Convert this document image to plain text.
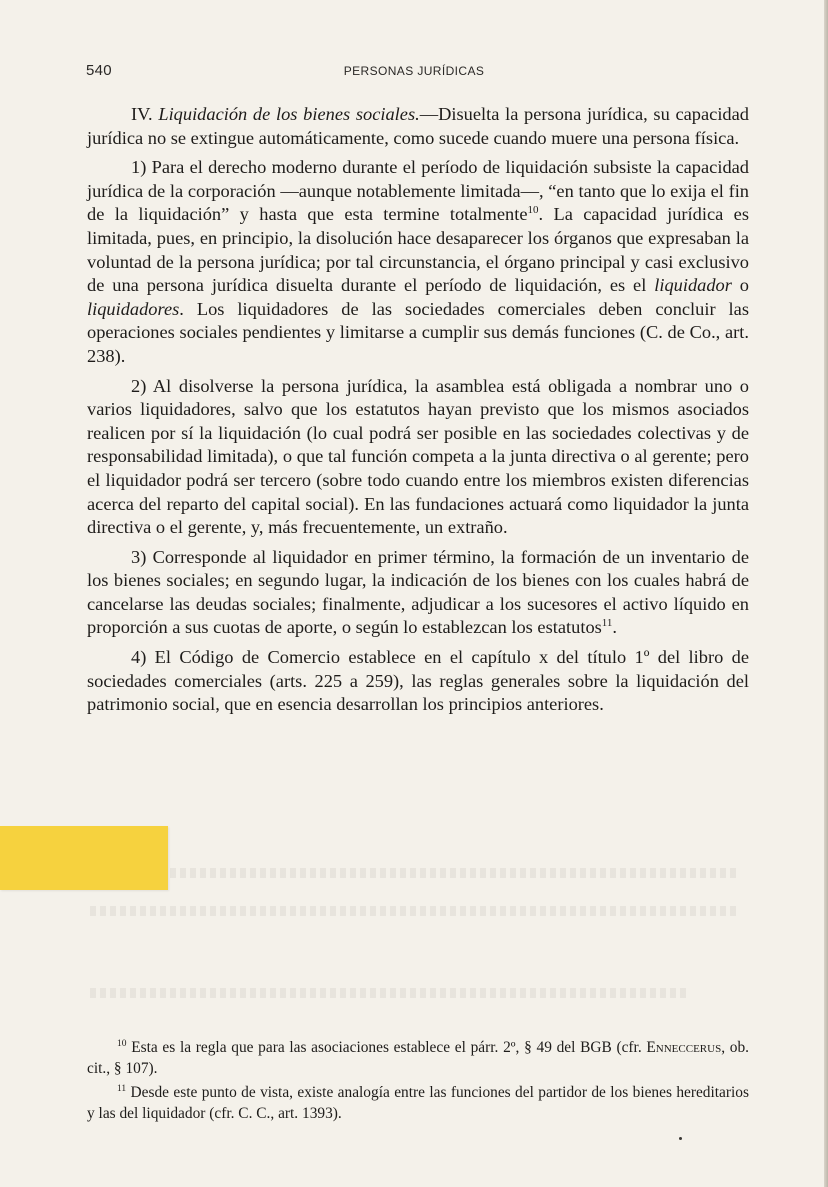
540	PERSONAS JURÍDICAS

IV. Liquidación de los bienes sociales.—Disuelta la persona jurídica, su capacidad jurídica no se extingue automáticamente, como sucede cuando muere una persona física.

1) Para el derecho moderno durante el período de liquidación subsiste la capacidad jurídica de la corporación —aunque notablemente limitada—, “en tanto que lo exija el fin de la liquidación” y hasta que esta termine totalmente$^{10}$. La capacidad jurídica es limitada, pues, en principio, la disolución hace desaparecer los órganos que expresaban la voluntad de la persona jurídica; por tal circunstancia, el órgano principal y casi exclusivo de una persona jurídica disuelta durante el período de liquidación, es el liquidador o liquidadores. Los liquidadores de las sociedades comerciales deben concluir las operaciones sociales pendientes y limitarse a cumplir sus demás funciones (C. de Co., art. 238).

2) Al disolverse la persona jurídica, la asamblea está obligada a nombrar uno o varios liquidadores, salvo que los estatutos hayan previsto que los mismos asociados realicen por sí la liquidación (lo cual podrá ser posible en las sociedades colectivas y de responsabilidad limitada), o que tal función competa a la junta directiva o al gerente; pero el liquidador podrá ser tercero (sobre todo cuando entre los miembros existen diferencias acerca del reparto del capital social). En las fundaciones actuará como liquidador la junta directiva o el gerente, y, más frecuentemente, un extraño.

3) Corresponde al liquidador en primer término, la formación de un inventario de los bienes sociales; en segundo lugar, la indicación de los bienes con los cuales habrá de cancelarse las deudas sociales; finalmente, adjudicar a los sucesores el activo líquido en proporción a sus cuotas de aporte, o según lo establezcan los estatutos$^{11}$.

4) El Código de Comercio establece en el capítulo x del título 1º del libro de sociedades comerciales (arts. 225 a 259), las reglas generales sobre la liquidación del patrimonio social, que en esencia desarrollan los principios anteriores.

$^{10}$ Esta es la regla que para las asociaciones establece el párr. 2º, § 49 del BGB (cfr. Enneccerus, ob. cit., § 107).

$^{11}$ Desde este punto de vista, existe analogía entre las funciones del partidor de los bienes hereditarios y las del liquidador (cfr. C. C., art. 1393).
